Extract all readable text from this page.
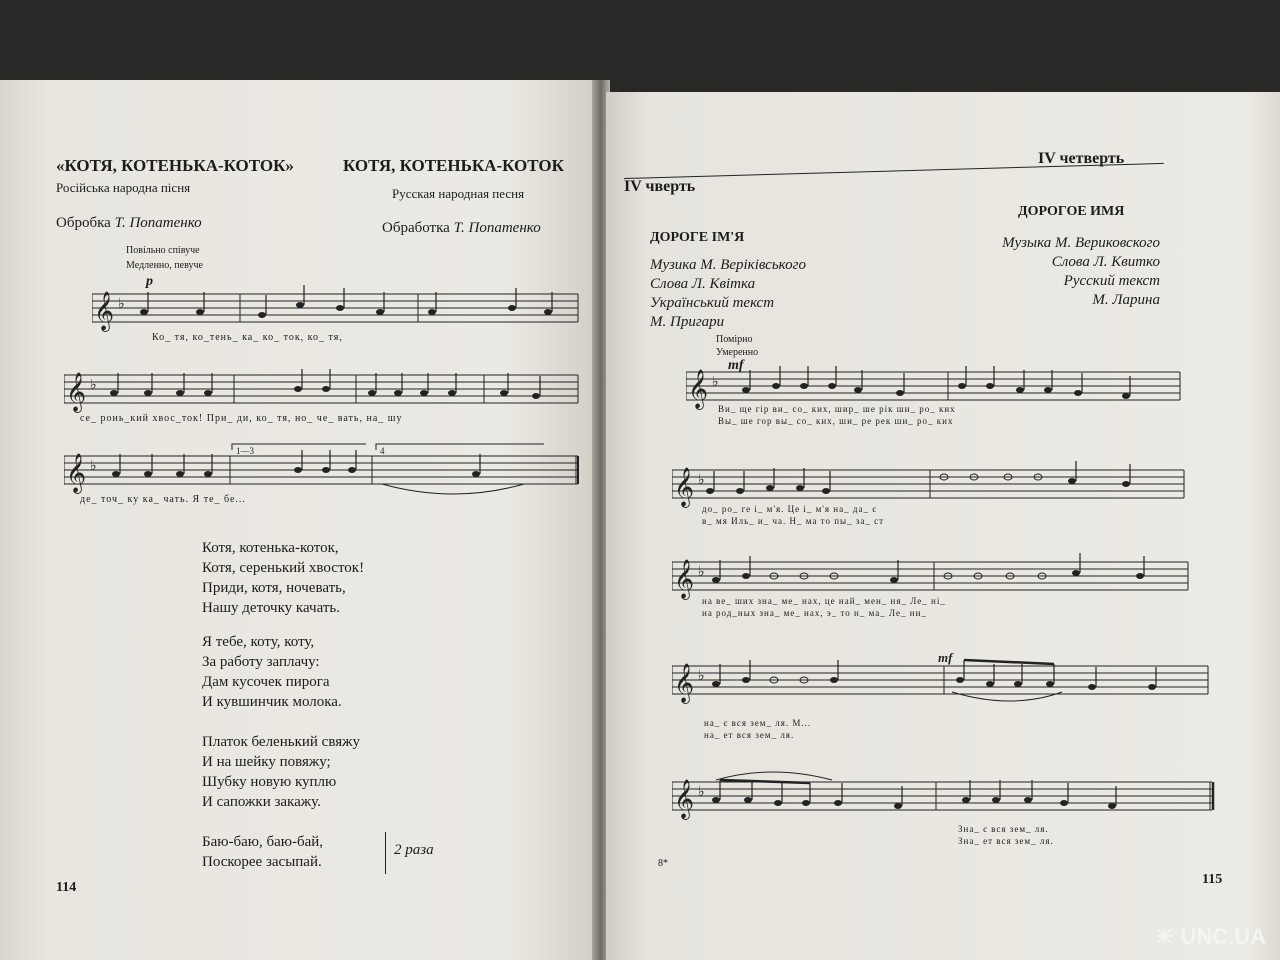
«КОТЯ, КОТЕНЬКА-КОТОК»	КОТЯ, КОТЕНЬКА-КОТОК
Російська народна пісня	Русская народная песня
Обробка Т. Попатенко	Обработка Т. Попатенко
Повільно співуче
Медленно, певуче
p
𝄞 ♭
Ко_ тя, ко_тень_ ка_ ко_ ток, ко_ тя,
𝄞 ♭
се_ ронь_кий хвос_ток! При_ ди, ко_ тя, но_ че_ вать, на_ шу
1—3	4
𝄞 ♭
де_ точ_ ку ка_ чать. Я те_ бе...
Котя, котенька-коток,
Котя, серенький хвосток!
Приди, котя, ночевать,
Нашу деточку качать.
Я тебе, коту, коту,
За работу заплачу:
Дам кусочек пирога
И кувшинчик молока.
Платок беленький свяжу
И на шейку повяжу;
Шубку новую куплю
И сапожки закажу.
Баю-баю, баю-бай,
Поскорее засыпай.
2 раза
114
IV чверть
IV четверть
ДОРОГЕ ІМ'Я
ДОРОГОЕ ИМЯ
Музика М. Веріківського
Слова Л. Квітка
Український текст
М. Пригари
Музыка М. Вериковского
Слова Л. Квитко
Русский текст
М. Ларина
Помірно
Умеренно
mf
𝄞 ♭
Ви_ ще гір ви_ со_ ких, шир_ ше рік ши_ ро_ ких
Вы_ ше гор вы_ со_ ких, ши_ ре рек ши_ ро_ ких
𝄞 ♭
до_ ро_ ге і_ м'я. Це і_ м'я на_ да_ є
в_ мя Иль_ и_ ча. Н_ ма то пы_ за_ ст
𝄞 ♭
на ве_ ших зна_ ме_ нах, це най_ мен_ ня_ Ле_ ні_
на род_ных зна_ ме_ нах, э_ то н_ ма_ Ле_ ни_
𝄞 ♭
mf
на_ є вся зем_ ля. М...
на_ ет вся зем_ ля.
𝄞 ♭
Зна_ є вся зем_ ля.
Зна_ ет вся зем_ ля.
8*
115
☀ UNC.UA
